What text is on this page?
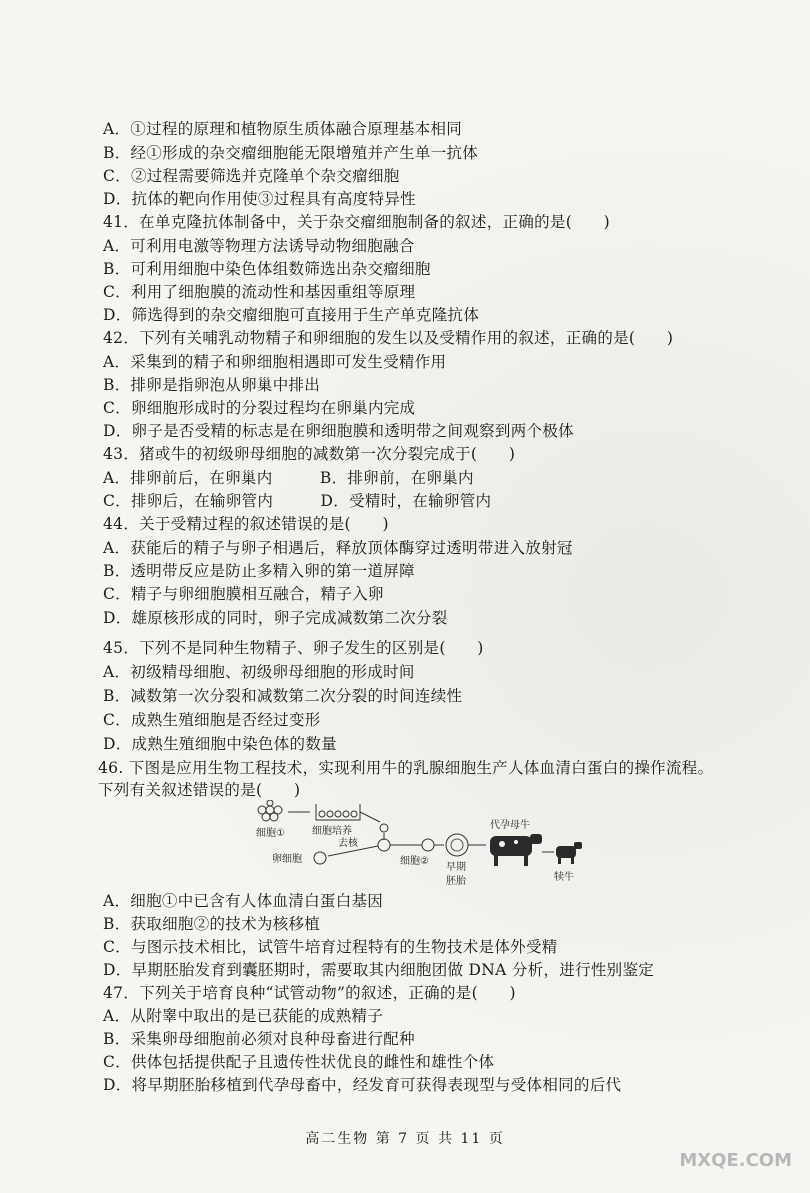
A．①过程的原理和植物原生质体融合原理基本相同
B．经①形成的杂交瘤细胞能无限增殖并产生单一抗体
C．②过程需要筛选并克隆单个杂交瘤细胞
D．抗体的靶向作用使③过程具有高度特异性
41．在单克隆抗体制备中，关于杂交瘤细胞制备的叙述，正确的是(　　)
A．可利用电激等物理方法诱导动物细胞融合
B．可利用细胞中染色体组数筛选出杂交瘤细胞
C．利用了细胞膜的流动性和基因重组等原理
D．筛选得到的杂交瘤细胞可直接用于生产单克隆抗体
42．下列有关哺乳动物精子和卵细胞的发生以及受精作用的叙述，正确的是(　　)
A．采集到的精子和卵细胞相遇即可发生受精作用
B．排卵是指卵泡从卵巢中排出
C．卵细胞形成时的分裂过程均在卵巢内完成
D．卵子是否受精的标志是在卵细胞膜和透明带之间观察到两个极体
43．猪或牛的初级卵母细胞的减数第一次分裂完成于(　　)
A．排卵前后，在卵巢内　　　B．排卵前，在卵巢内
C．排卵后，在输卵管内　　　D．受精时，在输卵管内
44．关于受精过程的叙述错误的是(　　)
A．获能后的精子与卵子相遇后，释放顶体酶穿过透明带进入放射冠
B．透明带反应是防止多精入卵的第一道屏障
C．精子与卵细胞膜相互融合，精子入卵
D．雄原核形成的同时，卵子完成减数第二次分裂
45．下列不是同种生物精子、卵子发生的区别是(　　)
A．初级精母细胞、初级卵母细胞的形成时间
B．减数第一次分裂和减数第二次分裂的时间连续性
C．成熟生殖细胞是否经过变形
D．成熟生殖细胞中染色体的数量
46. 下图是应用生物工程技术，实现利用牛的乳腺细胞生产人体血清白蛋白的操作流程。
下列有关叙述错误的是(　　)
细胞①	细胞培养
卵细胞
去核
细胞②
早期
胚胎
代孕母牛
犊牛
A．细胞①中已含有人体血清白蛋白基因
B．获取细胞②的技术为核移植
C．与图示技术相比，试管牛培育过程特有的生物技术是体外受精
D．早期胚胎发育到囊胚期时，需要取其内细胞团做 DNA 分析，进行性别鉴定
47．下列关于培育良种“试管动物”的叙述，正确的是(　　)
A．从附睾中取出的是已获能的成熟精子
B．采集卵母细胞前必须对良种母畜进行配种
C．供体包括提供配子且遗传性状优良的雌性和雄性个体
D．将早期胚胎移植到代孕母畜中，经发育可获得表现型与受体相同的后代
高二生物 第 7 页 共 11 页
MXQE.COM
